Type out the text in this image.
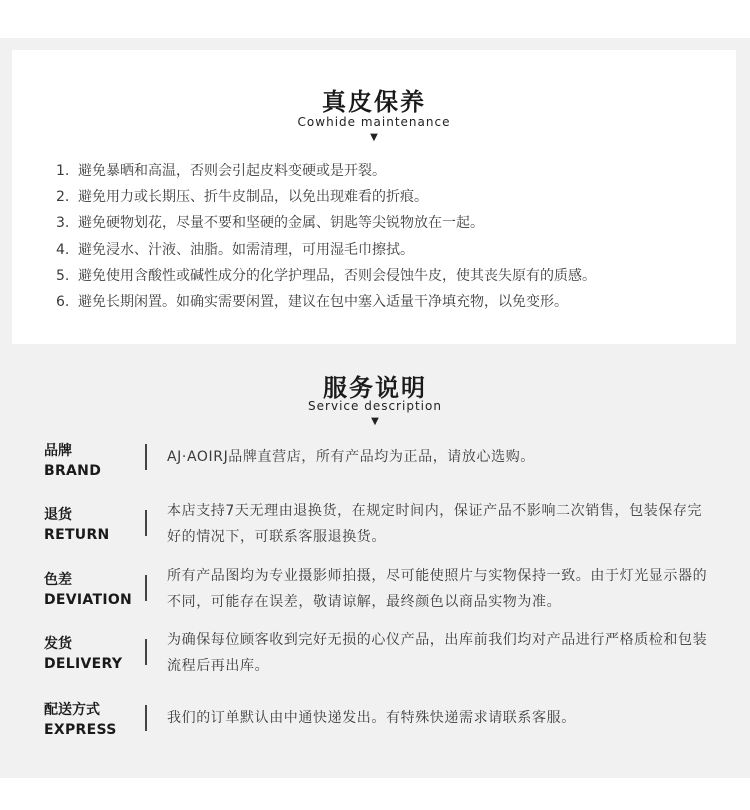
真皮保养
Cowhide maintenance
▼
1. 避免暴晒和高温，否则会引起皮料变硬或是开裂。
2. 避免用力或长期压、折牛皮制品，以免出现难看的折痕。
3. 避免硬物划花，尽量不要和坚硬的金属、钥匙等尖锐物放在一起。
4. 避免浸水、汁液、油脂。如需清理，可用湿毛巾擦拭。
5. 避免使用含酸性或碱性成分的化学护理品，否则会侵蚀牛皮，使其丧失原有的质感。
6. 避免长期闲置。如确实需要闲置，建议在包中塞入适量干净填充物，以免变形。
服务说明
Service description
▼
品牌
BRAND
AJ·AOIRJ品牌直营店，所有产品均为正品，请放心选购。
退货
RETURN
本店支持7天无理由退换货，在规定时间内，保证产品不影响二次销售，包装保存完好的情况下，可联系客服退换货。
色差
DEVIATION
所有产品图均为专业摄影师拍摄，尽可能使照片与实物保持一致。由于灯光显示器的不同，可能存在误差，敬请谅解，最终颜色以商品实物为准。
发货
DELIVERY
为确保每位顾客收到完好无损的心仪产品，出库前我们均对产品进行严格质检和包装流程后再出库。
配送方式
EXPRESS
我们的订单默认由中通快递发出。有特殊快递需求请联系客服。
